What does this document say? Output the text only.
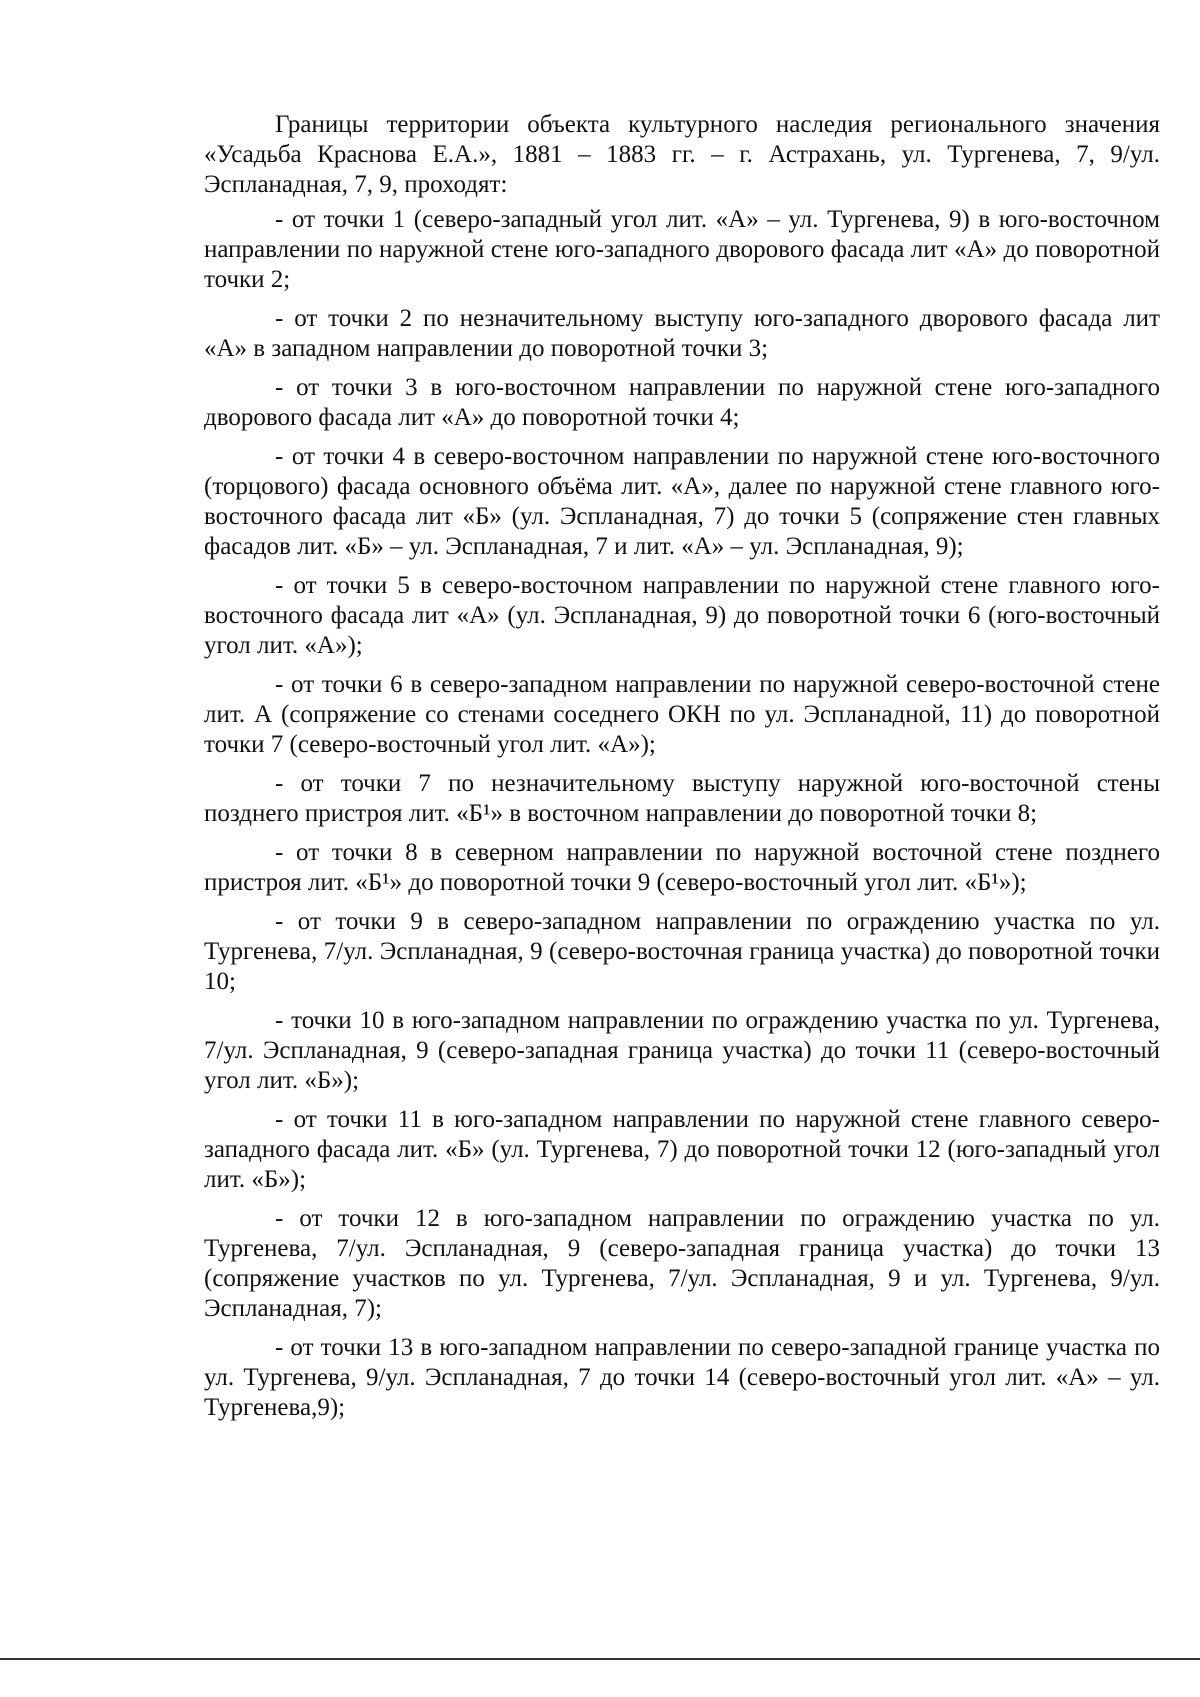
Границы территории объекта культурного наследия регионального значения «Усадьба Краснова Е.А.», 1881 – 1883 гг. – г. Астрахань, ул. Тургенева, 7, 9/ул. Эспланадная, 7, 9, проходят:

- от точки 1 (северо-западный угол лит. «А» – ул. Тургенева, 9) в юго-восточном направлении по наружной стене юго-западного дворового фасада лит «А» до поворотной точки 2;

- от точки 2 по незначительному выступу юго-западного дворового фасада лит «А» в западном направлении до поворотной точки 3;

- от точки 3 в юго-восточном направлении по наружной стене юго-западного дворового фасада лит «А» до поворотной точки 4;

- от точки 4 в северо-восточном направлении по наружной стене юго-восточного (торцового) фасада основного объёма лит. «А», далее по наружной стене главного юго-восточного фасада лит «Б» (ул. Эспланадная, 7) до точки 5 (сопряжение стен главных фасадов лит. «Б» – ул. Эспланадная, 7 и лит. «А» – ул. Эспланадная, 9);

- от точки 5 в северо-восточном направлении по наружной стене главного юго-восточного фасада лит «А» (ул. Эспланадная, 9) до поворотной точки 6 (юго-восточный угол лит. «А»);

- от точки 6 в северо-западном направлении по наружной северо-восточной стене лит. А (сопряжение со стенами соседнего ОКН по ул. Эспланадной, 11) до поворотной точки 7 (северо-восточный угол лит. «А»);

- от точки 7 по незначительному выступу наружной юго-восточной стены позднего пристроя лит. «Б¹» в восточном направлении до поворотной точки 8;

- от точки 8 в северном направлении по наружной восточной стене позднего пристроя лит. «Б¹» до поворотной точки 9 (северо-восточный угол лит. «Б¹»);

- от точки 9 в северо-западном направлении по ограждению участка по ул. Тургенева, 7/ул. Эспланадная, 9 (северо-восточная граница участка) до поворотной точки 10;

- точки 10 в юго-западном направлении по ограждению участка по ул. Тургенева, 7/ул. Эспланадная, 9 (северо-западная граница участка) до точки 11 (северо-восточный угол лит. «Б»);

- от точки 11 в юго-западном направлении по наружной стене главного северо-западного фасада лит. «Б» (ул. Тургенева, 7) до поворотной точки 12 (юго-западный угол лит. «Б»);

- от точки 12 в юго-западном направлении по ограждению участка по ул. Тургенева, 7/ул. Эспланадная, 9 (северо-западная граница участка) до точки 13 (сопряжение участков по ул. Тургенева, 7/ул. Эспланадная, 9 и ул. Тургенева, 9/ул. Эспланадная, 7);

- от точки 13 в юго-западном направлении по северо-западной границе участка по ул. Тургенева, 9/ул. Эспланадная, 7 до точки 14 (северо-восточный угол лит. «А» – ул. Тургенева,9);
